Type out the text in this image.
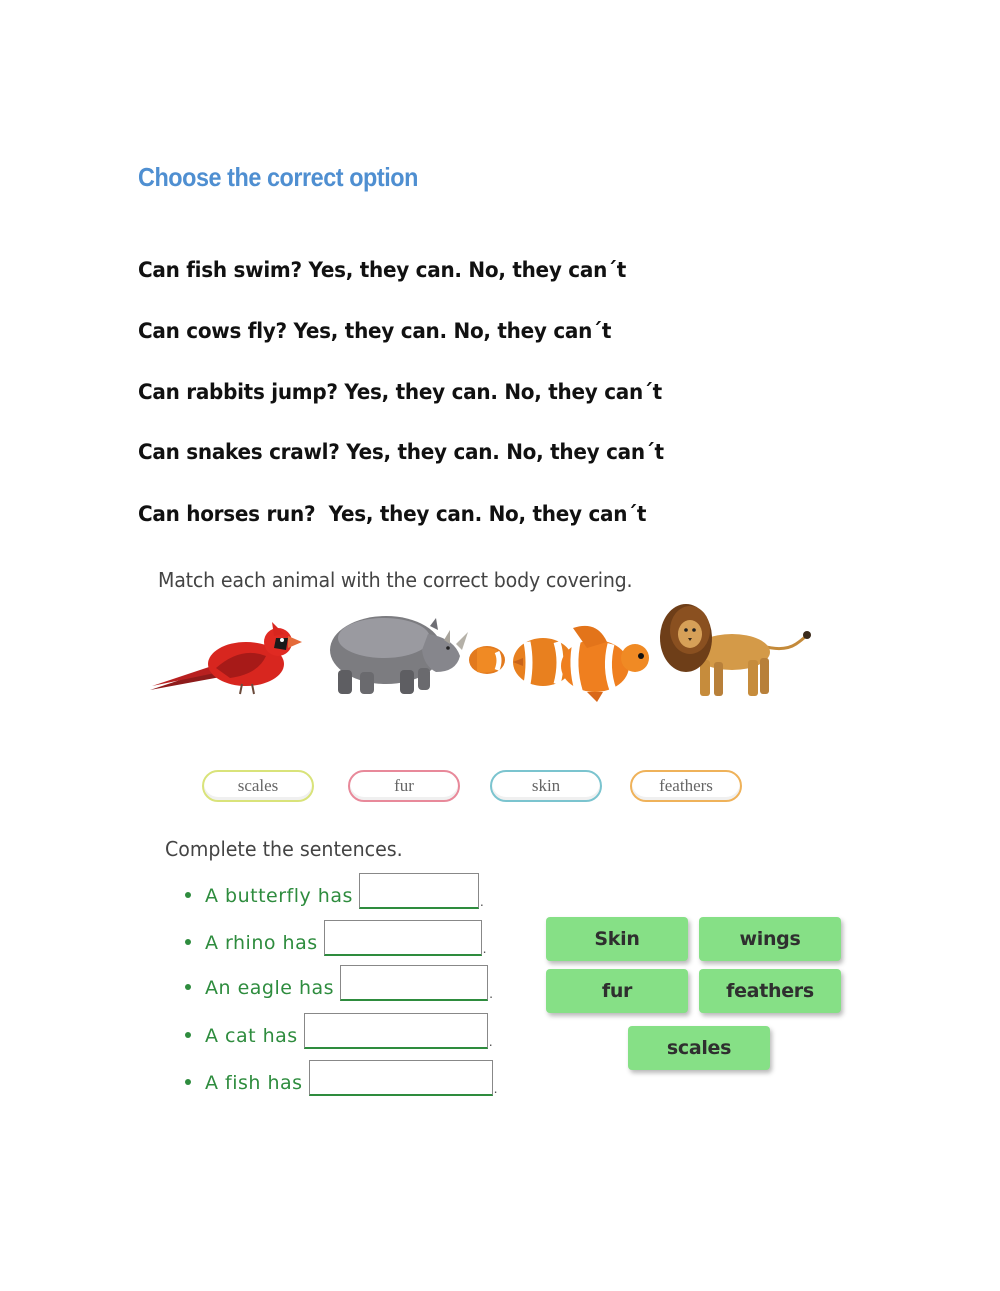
Choose the correct option
Can fish swim? Yes, they can. No, they can´t
Can cows fly? Yes, they can. No, they can´t
Can rabbits jump? Yes, they can. No, they can´t
Can snakes crawl? Yes, they can. No, they can´t
Can horses run?  Yes, they can. No, they can´t
Match each animal with the correct body covering.
scales	fur	skin	feathers
Complete the sentences.
A butterfly has	.
A rhino has	.
An eagle has	.
A cat has	.
A fish has	.
Skin	wings
fur	feathers
scales
